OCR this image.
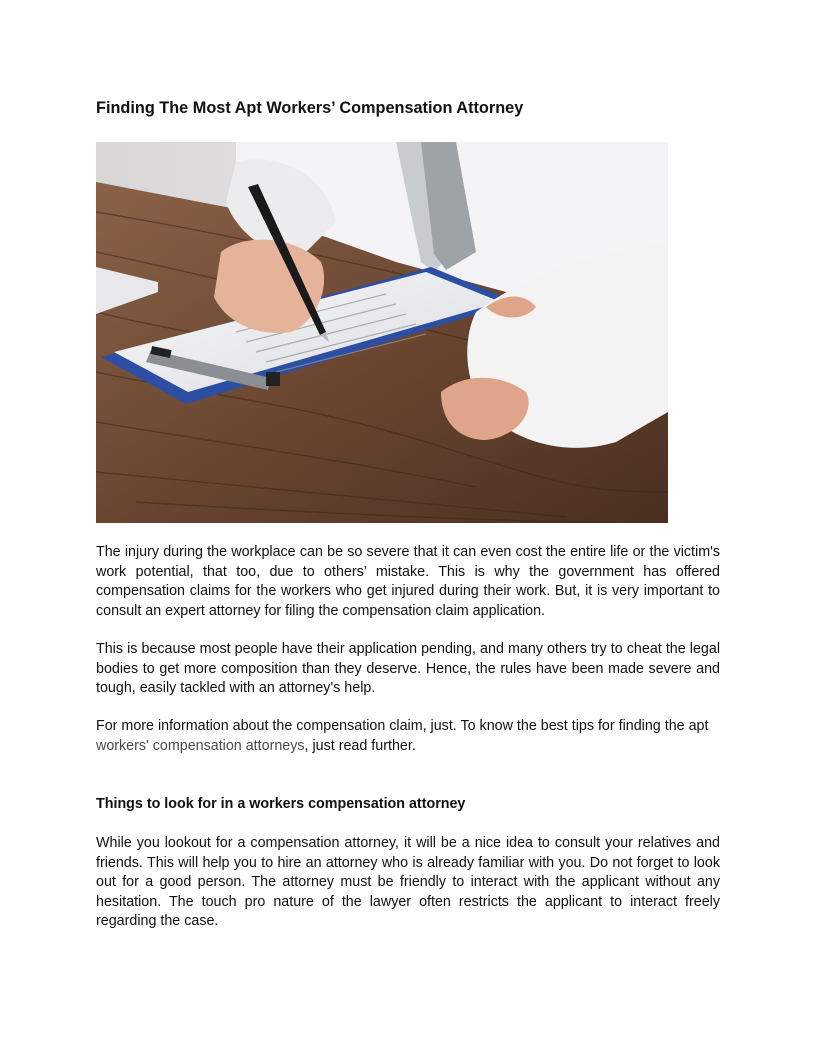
Finding The Most Apt Workers’ Compensation Attorney

The injury during the workplace can be so severe that it can even cost the entire life or the victim's work potential, that too, due to others’ mistake. This is why the government has offered compensation claims for the workers who get injured during their work. But, it is very important to consult an expert attorney for filing the compensation claim application.

This is because most people have their application pending, and many others try to cheat the legal bodies to get more composition than they deserve. Hence, the rules have been made severe and tough, easily tackled with an attorney's help.

For more information about the compensation claim, just. To know the best tips for finding the apt workers' compensation attorneys, just read further.

Things to look for in a workers compensation attorney

While you lookout for a compensation attorney, it will be a nice idea to consult your relatives and friends. This will help you to hire an attorney who is already familiar with you. Do not forget to look out for a good person. The attorney must be friendly to interact with the applicant without any hesitation. The touch pro nature of the lawyer often restricts the applicant to interact freely regarding the case.
